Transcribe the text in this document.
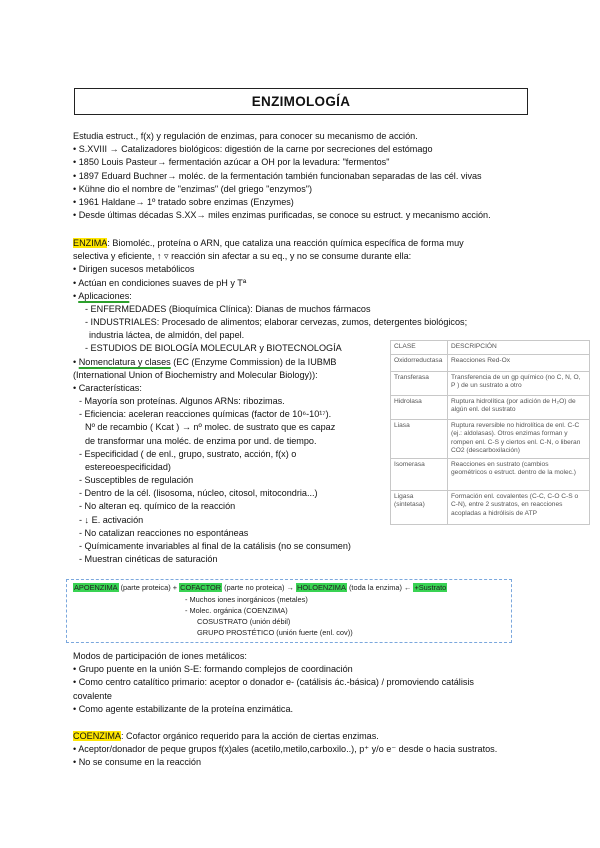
ENZIMOLOGÍA
Estudia estruct., f(x) y regulación de enzimas, para conocer su mecanismo de acción.
• S.XVIII → Catalizadores biológicos: digestión de la carne por secreciones del estómago
• 1850 Louis Pasteur→ fermentación azúcar a OH por la levadura: "fermentos"
• 1897 Eduard Buchner→ moléc. de la fermentación también funcionaban separadas de las cél. vivas
• Kühne dio el nombre de "enzimas" (del griego "enzymos")
• 1961 Haldane→ 1º tratado sobre enzimas (Enzymes)
• Desde últimas décadas S.XX→ miles enzimas purificadas, se conoce su estruct. y mecanismo acción.
ENZIMA: Biomoléc., proteína o ARN, que cataliza una reacción química específica de forma muy
selectiva y eficiente, ↑ ▿ reacción sin afectar a su eq., y no se consume durante ella:
• Dirigen sucesos metabólicos
• Actúan en condiciones suaves de pH y Tª
• Aplicaciones:
- ENFERMEDADES (Bioquímica Clínica): Dianas de muchos fármacos
- INDUSTRIALES: Procesado de alimentos; elaborar cervezas, zumos, detergentes biológicos;
industria láctea, de almidón, del papel.
- ESTUDIOS DE BIOLOGÍA MOLECULAR y BIOTECNOLOGÍA
• Nomenclatura y clases (EC (Enzyme Commission) de la IUBMB
(International Union of Biochemistry and Molecular Biology)):
• Características:
- Mayoría son proteínas. Algunos ARNs: ribozimas.
- Eficiencia: aceleran reacciones químicas (factor de 10⁶-10¹⁷).
Nº de recambio ( Kcat ) → nº molec. de sustrato que es capaz
de transformar una moléc. de enzima por und. de tiempo.
- Especificidad ( de enl., grupo, sustrato, acción, f(x) o
estereoespecificidad)
- Susceptibles de regulación
- Dentro de la cél. (lisosoma, núcleo, citosol, mitocondria...)
- No alteran eq. químico de la reacción
- ↓ E. activación
- No catalizan reacciones no espontáneas
- Químicamente invariables al final de la catálisis (no se consumen)
- Muestran cinéticas de saturación
CLASE	DESCRIPCIÓN
Oxidorreductasa	Reacciones Red-Ox
Transferasa	Transferencia de un gp químico (no C, N, O, P ) de un sustrato a otro
Hidrolasa	Ruptura hidrolítica (por adición de H₂O) de algún enl. del sustrato
Liasa	Ruptura reversible no hidrolítica de enl. C-C (ej.: aldolasas). Otros enzimas forman y rompen enl. C-S y ciertos enl. C-N, o liberan CO2 (descarboxilación)
Isomerasa	Reacciones en sustrato (cambios geométricos o estruct. dentro de la molec.)
Ligasa (sintetasa)	Formación enl. covalentes (C-C, C-O C-S o C-N), entre 2 sustratos, en reacciones acopladas a hidrólisis de ATP
APOENZIMA (parte proteica) + COFACTOR (parte no proteica) → HOLOENZIMA (toda la enzima) ← +Sustrato
- Muchos iones inorgánicos (metales)
- Molec. orgánica (COENZIMA)
COSUSTRATO (unión débil)
GRUPO PROSTÉTICO (unión fuerte (enl. cov))
Modos de participación de iones metálicos:
• Grupo puente en la unión S-E: formando complejos de coordinación
• Como centro catalítico primario: aceptor o donador e- (catálisis ác.-básica) / promoviendo catálisis
covalente
• Como agente estabilizante de la proteína enzimática.
COENZIMA: Cofactor orgánico requerido para la acción de ciertas enzimas.
• Aceptor/donador de peque grupos f(x)ales (acetilo,metilo,carboxilo..), p⁺ y/o e⁻ desde o hacia sustratos.
• No se consume en la reacción
